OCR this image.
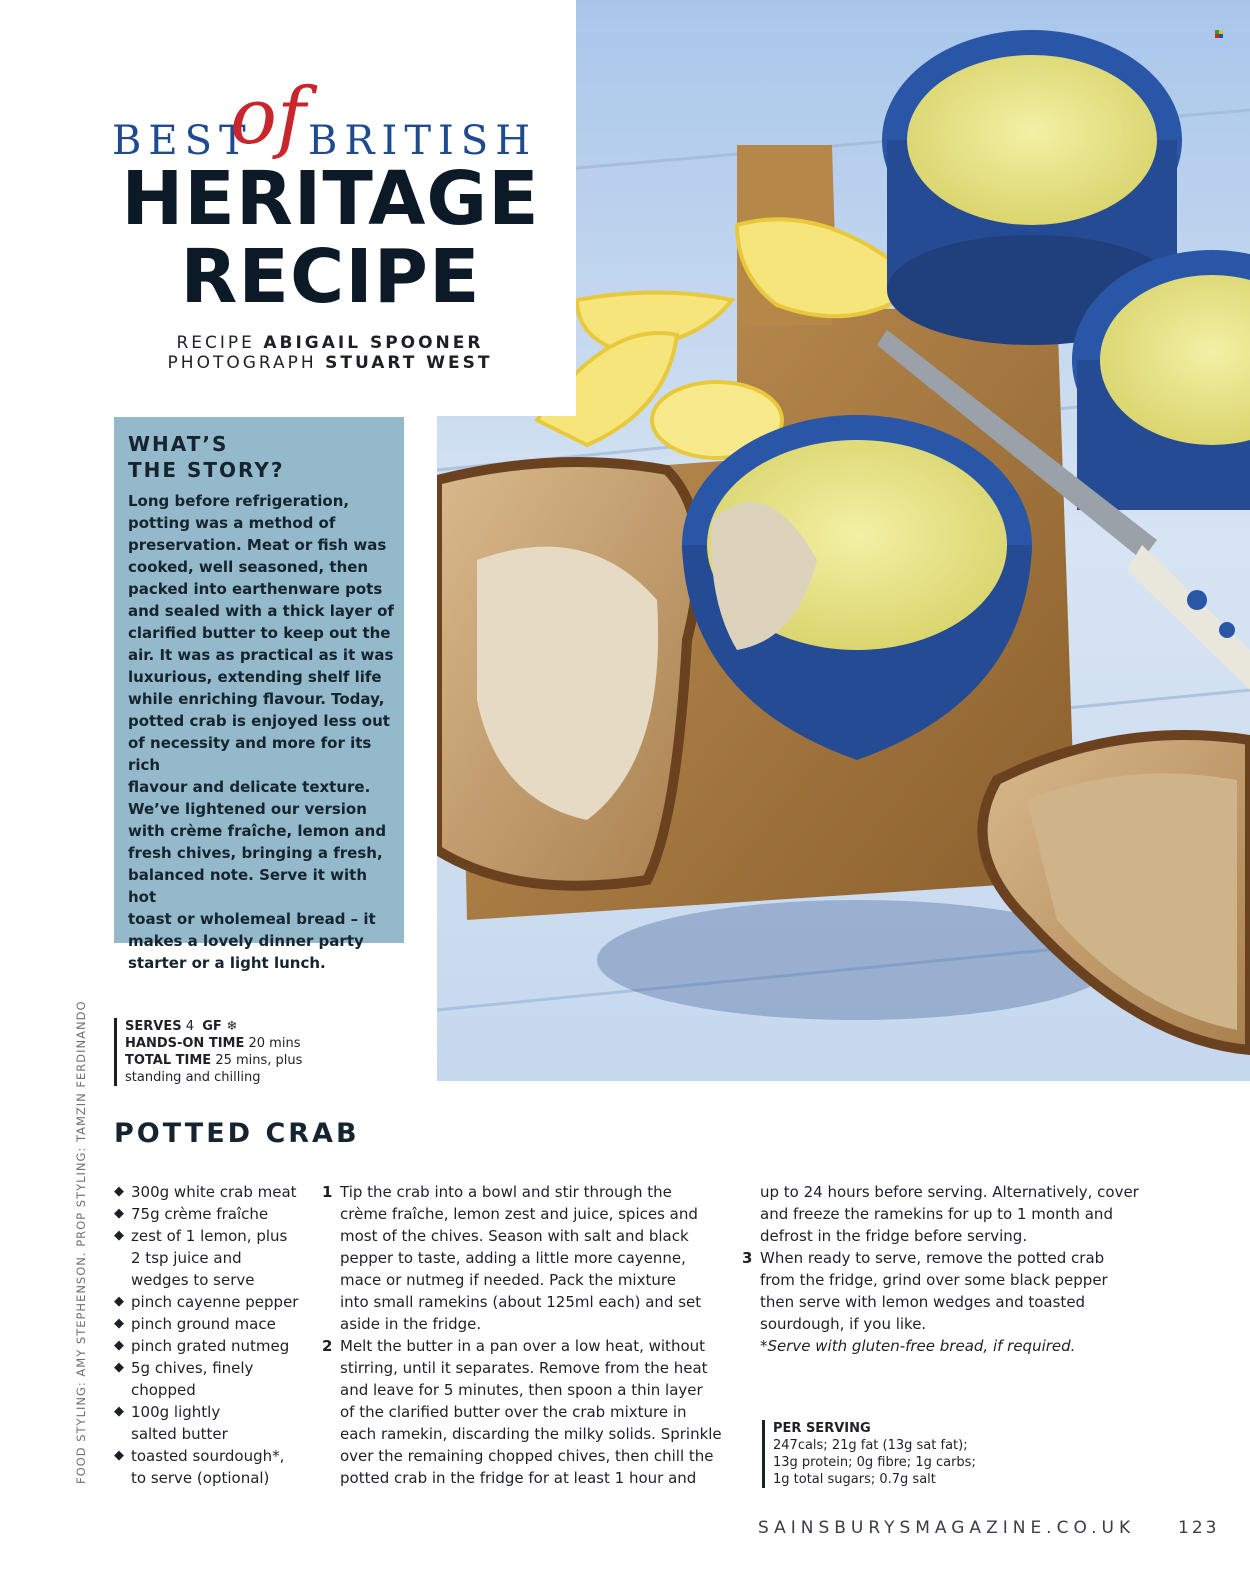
BEST
of BRITISH
HERITAGE
RECIPE
RECIPE ABIGAIL SPOONER
PHOTOGRAPH STUART WEST
WHAT’S
THE STORY?
Long before refrigeration,
potting was a method of
preservation. Meat or fish was
cooked, well seasoned, then
packed into earthenware pots
and sealed with a thick layer of
clarified butter to keep out the
air. It was as practical as it was
luxurious, extending shelf life
while enriching flavour. Today,
potted crab is enjoyed less out
of necessity and more for its rich
flavour and delicate texture.
We’ve lightened our version
with crème fraîche, lemon and
fresh chives, bringing a fresh,
balanced note. Serve it with hot
toast or wholemeal bread – it
makes a lovely dinner party
starter or a light lunch.
FOOD STYLING: AMY STEPHENSON. PROP STYLING: TAMZIN FERDINANDO	SERVES 4 GF ❄
HANDS-ON TIME 20 mins
TOTAL TIME 25 mins, plus
standing and chilling
POTTED CRAB
◆ 300g white crab meat
◆ 75g crème fraîche
◆ zest of 1 lemon, plus
2 tsp juice and
wedges to serve
◆ pinch cayenne pepper
◆ pinch ground mace
◆ pinch grated nutmeg
◆ 5g chives, finely
chopped
◆ 100g lightly
salted butter
◆ toasted sourdough*,
to serve (optional)
1 Tip the crab into a bowl and stir through the
crème fraîche, lemon zest and juice, spices and
most of the chives. Season with salt and black
pepper to taste, adding a little more cayenne,
mace or nutmeg if needed. Pack the mixture
into small ramekins (about 125ml each) and set
aside in the fridge.
2 Melt the butter in a pan over a low heat, without
stirring, until it separates. Remove from the heat
and leave for 5 minutes, then spoon a thin layer
of the clarified butter over the crab mixture in
each ramekin, discarding the milky solids. Sprinkle
over the remaining chopped chives, then chill the
potted crab in the fridge for at least 1 hour and
up to 24 hours before serving. Alternatively, cover
and freeze the ramekins for up to 1 month and
defrost in the fridge before serving.
3 When ready to serve, remove the potted crab
from the fridge, grind over some black pepper
then serve with lemon wedges and toasted
sourdough, if you like.
*Serve with gluten-free bread, if required.
PER SERVING
247cals; 21g fat (13g sat fat);
13g protein; 0g fibre; 1g carbs;
1g total sugars; 0.7g salt
SAINSBURYSMAGAZINE.CO.UK	123
